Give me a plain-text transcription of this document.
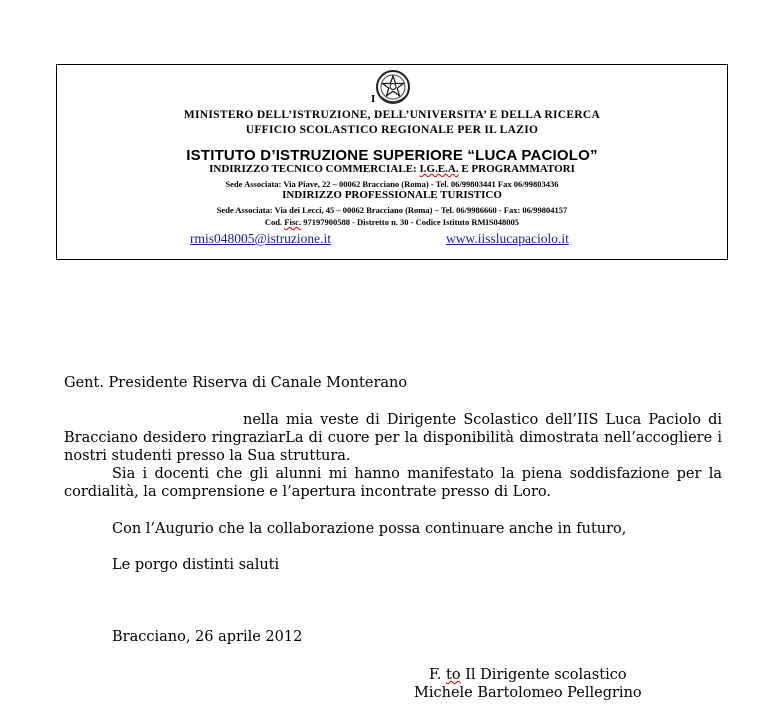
I
MINISTERO DELL’ISTRUZIONE, DELL’UNIVERSITA’ E DELLA RICERCA
UFFICIO SCOLASTICO REGIONALE PER IL LAZIO
ISTITUTO D’ISTRUZIONE SUPERIORE “LUCA PACIOLO”
INDIRIZZO TECNICO COMMERCIALE: I.G.E.A. E PROGRAMMATORI
Sede Associata: Via Piave, 22 – 00062 Bracciano (Roma) - Tel. 06/99803441 Fax 06/99803436
INDIRIZZO PROFESSIONALE TURISTICO
Sede Associata: Via dei Lecci, 45 – 00062 Bracciano (Roma) – Tel. 06/9986660 - Fax: 06/99804157
Cod. Fisc. 97197900588 - Distretto n. 30 - Codice Istituto RMIS048005
rmis048005@istruzione.it	www.iisslucapaciolo.it
Gent. Presidente Riserva di Canale Monterano
nella mia veste di Dirigente Scolastico dell’IIS Luca Paciolo di Bracciano desidero ringraziarLa di cuore per la disponibilità dimostrata nell’accogliere i nostri studenti presso la Sua struttura.
Sia i docenti che gli alunni mi hanno manifestato la piena soddisfazione per la cordialità, la comprensione e l’apertura incontrate presso di Loro.
Con l’Augurio che la collaborazione possa continuare anche in futuro,
Le porgo distinti saluti
Bracciano, 26 aprile 2012
F. to Il Dirigente scolastico
Michele Bartolomeo Pellegrino
